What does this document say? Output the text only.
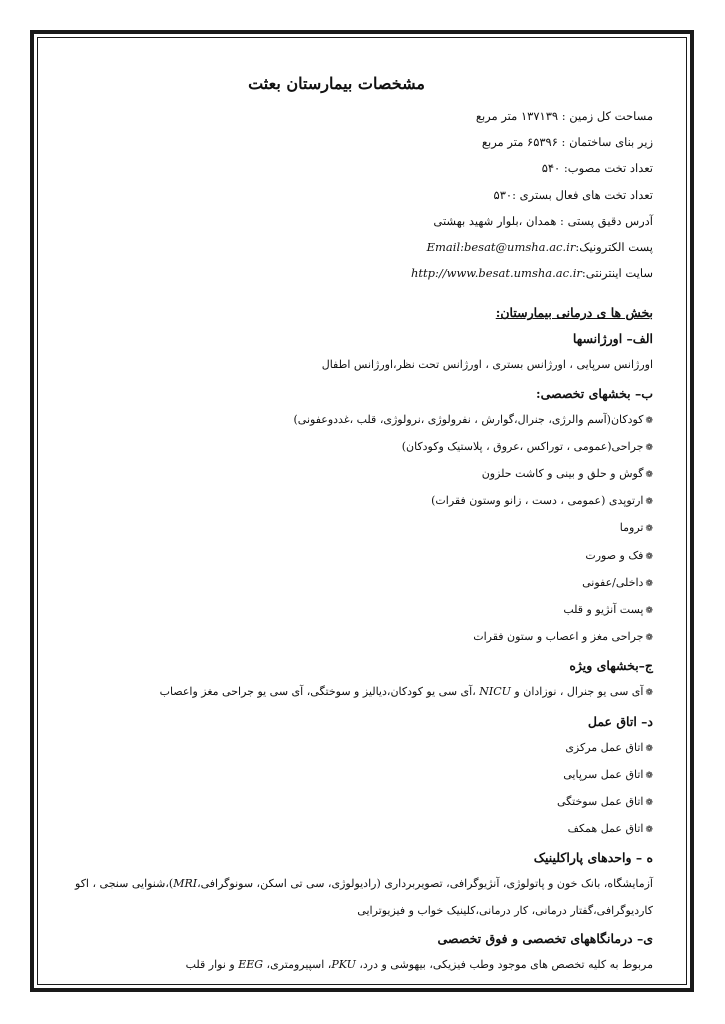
مشخصات بیمارستان بعثت
مساحت کل زمین : ۱۳۷۱۳۹ متر مربع
زیر بنای ساختمان : ۶۵۳۹۶ متر مربع
تعداد تخت مصوب: ۵۴۰
تعداد تخت های فعال بستری :۵۳۰
آدرس دقیق پستی : همدان ،بلوار شهید بهشتی
پست الکترونیک:Email:besat@umsha.ac.ir
سایت اینترنتی:http://www.besat.umsha.ac.ir
بخش ها ی درمانی بیمارستان:
الف– اورژانسها
اورژانس سرپایی ، اورژانس بستری ، اورژانس تحت نظر،اورژانس اطفال
ب– بخشهای تخصصی:
❁کودکان(آسم والرژی، جنرال،گوارش ، نفرولوژی ،نرولوژی، قلب ،غددوعفونی)
❁جراحی(عمومی ، توراکس ،عروق ، پلاستیک وکودکان)
❁گوش و حلق و بینی و کاشت حلزون
❁ارتوپدی (عمومی ، دست ، زانو وستون فقرات)
❁تروما
❁فک و صورت
❁داخلی/عفونی
❁پست آنژیو و قلب
❁جراحی مغز و اعصاب و ستون فقرات
ج–بخشهای ویژه
❁آی سی یو جنرال ، نوزادان و NICU ،آی سی یو کودکان،دیالیز و سوختگی، آی سی یو جراحی مغز واعصاب
د– اتاق عمل
❁اتاق عمل مرکزی
❁اتاق عمل سرپایی
❁اتاق عمل سوختگی
❁اتاق عمل همکف
ه – واحدهای پاراکلینیک
آزمایشگاه، بانک خون و پاتولوژی، آنژیوگرافی، تصویربرداری (رادیولوژی، سی تی اسکن، سونوگرافی،MRI)،شنوایی سنجی ، اکو
کاردیوگرافی،گفتار درمانی، کار درمانی،کلینیک خواب و فیزیوترایی
ی– درمانگاههای تخصصی و فوق تخصصی
مربوط به کلیه تخصص های موجود وطب فیزیکی، بیهوشی و درد، PKU، اسپیرومتری، EEG و نوار قلب
